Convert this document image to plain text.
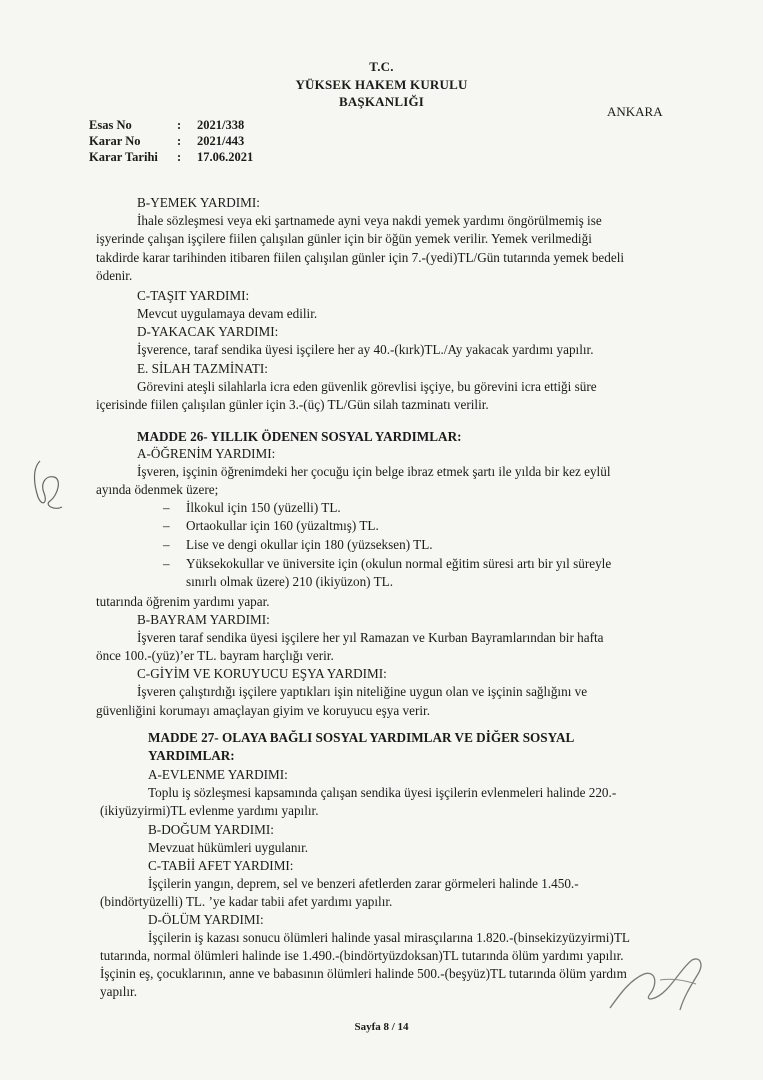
T.C.
YÜKSEK HAKEM KURULU
BAŞKANLIĞI
ANKARA
Esas No	: 2021/338
Karar No	: 2021/443
Karar Tarihi : 17.06.2021
B-YEMEK YARDIMI:
İhale sözleşmesi veya eki şartnamede ayni veya nakdi yemek yardımı öngörülmemiş ise
işyerinde çalışan işçilere fiilen çalışılan günler için bir öğün yemek verilir. Yemek verilmediği
takdirde karar tarihinden itibaren fiilen çalışılan günler için 7.-(yedi)TL/Gün tutarında yemek bedeli
ödenir.
C-TAŞIT YARDIMI:
Mevcut uygulamaya devam edilir.
D-YAKACAK YARDIMI:
İşverence, taraf sendika üyesi işçilere her ay 40.-(kırk)TL./Ay yakacak yardımı yapılır.
E. SİLAH TAZMİNATI:
Görevini ateşli silahlarla icra eden güvenlik görevlisi işçiye, bu görevini icra ettiği süre
içerisinde fiilen çalışılan günler için 3.-(üç) TL/Gün silah tazminatı verilir.
MADDE 26- YILLIK ÖDENEN SOSYAL YARDIMLAR:
A-ÖĞRENİM YARDIMI:
İşveren, işçinin öğrenimdeki her çocuğu için belge ibraz etmek şartı ile yılda bir kez eylül
ayında ödenmek üzere;
– İlkokul için 150 (yüzelli) TL.
– Ortaokullar için 160 (yüzaltmış) TL.
– Lise ve dengi okullar için 180 (yüzseksen) TL.
– Yüksekokullar ve üniversite için (okulun normal eğitim süresi artı bir yıl süreyle
sınırlı olmak üzere) 210 (ikiyüzon) TL.
tutarında öğrenim yardımı yapar.
B-BAYRAM YARDIMI:
İşveren taraf sendika üyesi işçilere her yıl Ramazan ve Kurban Bayramlarından bir hafta
önce 100.-(yüz)’er TL. bayram harçlığı verir.
C-GİYİM VE KORUYUCU EŞYA YARDIMI:
İşveren çalıştırdığı işçilere yaptıkları işin niteliğine uygun olan ve işçinin sağlığını ve
güvenliğini korumayı amaçlayan giyim ve koruyucu eşya verir.
MADDE 27- OLAYA BAĞLI SOSYAL YARDIMLAR VE DİĞER SOSYAL
YARDIMLAR:
A-EVLENME YARDIMI:
Toplu iş sözleşmesi kapsamında çalışan sendika üyesi işçilerin evlenmeleri halinde 220.-
(ikiyüzyirmi)TL evlenme yardımı yapılır.
B-DOĞUM YARDIMI:
Mevzuat hükümleri uygulanır.
C-TABİİ AFET YARDIMI:
İşçilerin yangın, deprem, sel ve benzeri afetlerden zarar görmeleri halinde 1.450.-
(bindörtyüzelli) TL. ’ye kadar tabii afet yardımı yapılır.
D-ÖLÜM YARDIMI:
İşçilerin iş kazası sonucu ölümleri halinde yasal mirasçılarına 1.820.-(binsekizyüzyirmi)TL
tutarında, normal ölümleri halinde ise 1.490.-(bindörtyüzdoksan)TL tutarında ölüm yardımı yapılır.
İşçinin eş, çocuklarının, anne ve babasının ölümleri halinde 500.-(beşyüz)TL tutarında ölüm yardım
yapılır.
Sayfa 8 / 14
